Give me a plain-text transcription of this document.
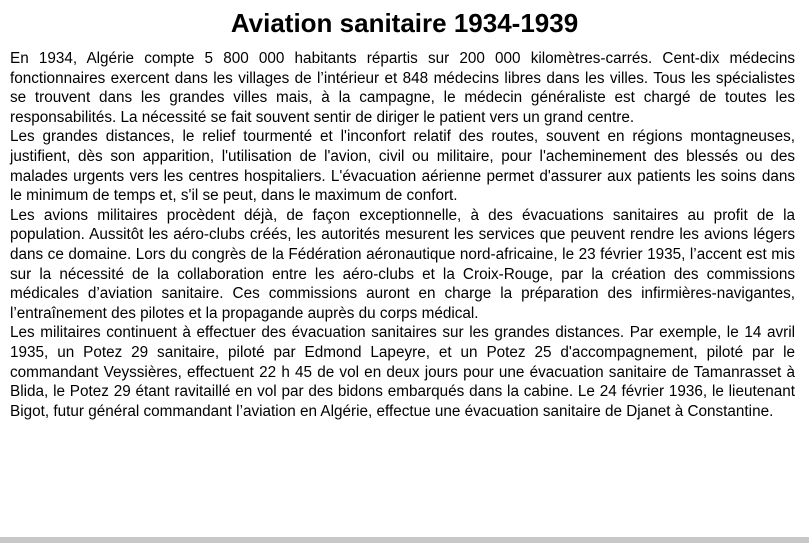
Aviation sanitaire 1934-1939

En 1934, Algérie compte 5 800 000 habitants répartis sur 200 000 kilomètres-carrés. Cent-dix médecins fonctionnaires exercent dans les villages de l’intérieur et 848 médecins libres dans les villes. Tous les spécialistes se trouvent dans les grandes villes mais, à la campagne, le médecin généraliste est chargé de toutes les responsabilités. La nécessité se fait souvent sentir de diriger le patient vers un grand centre.

Les grandes distances, le relief tourmenté et l'inconfort relatif des routes, souvent en régions montagneuses, justifient, dès son apparition, l'utilisation de l'avion, civil ou militaire, pour l'acheminement des blessés ou des malades urgents vers les centres hospitaliers. L'évacuation aérienne permet d'assurer aux patients les soins dans le minimum de temps et, s'il se peut, dans le maximum de confort.

Les avions militaires procèdent déjà, de façon exceptionnelle, à des évacuations sanitaires au profit de la population. Aussitôt les aéro-clubs créés, les autorités mesurent les services que peuvent rendre les avions légers dans ce domaine. Lors du congrès de la Fédération aéronautique nord-africaine, le 23 février 1935, l’accent est mis sur la nécessité de la collaboration entre les aéro-clubs et la Croix-Rouge, par la création des commissions médicales d’aviation sanitaire. Ces commissions auront en charge la préparation des infirmières-navigantes, l’entraînement des pilotes et la propagande auprès du corps médical.

Les militaires continuent à effectuer des évacuation sanitaires sur les grandes distances. Par exemple, le 14 avril 1935, un Potez 29 sanitaire, piloté par Edmond Lapeyre, et un Potez 25 d'accompagnement, piloté par le commandant Veyssières, effectuent 22 h 45 de vol en deux jours pour une évacuation sanitaire de Tamanrasset à Blida, le Potez 29 étant ravitaillé en vol par des bidons embarqués dans la cabine. Le 24 février 1936, le lieutenant Bigot, futur général commandant l’aviation en Algérie, effectue une évacuation sanitaire de Djanet à Constantine.
